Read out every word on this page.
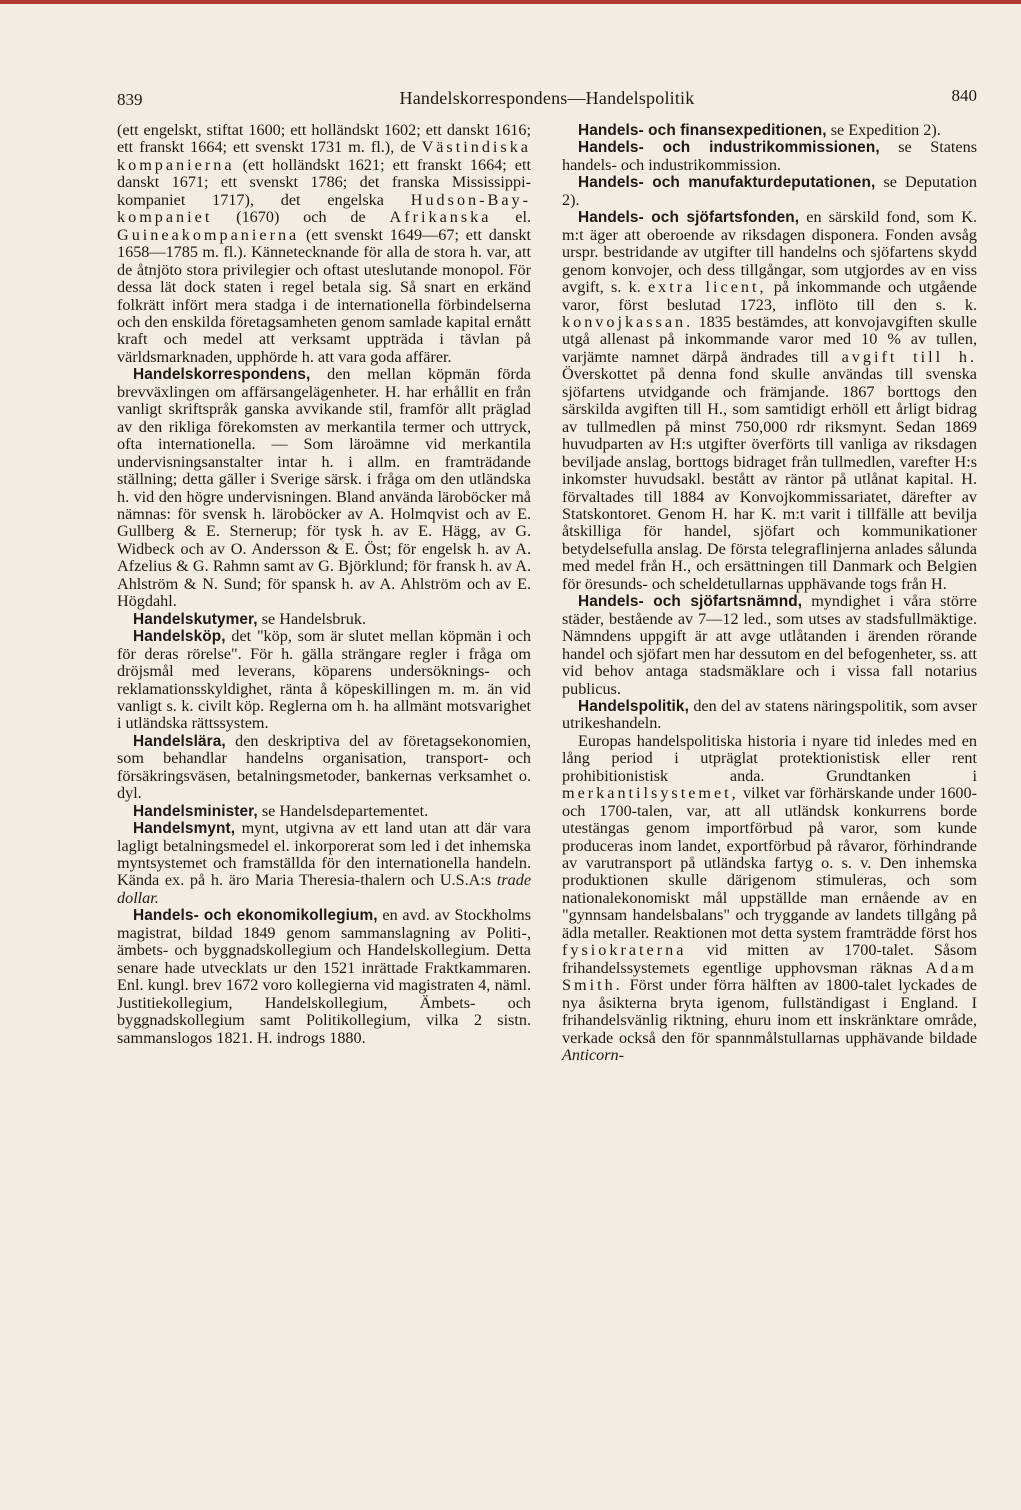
839	Handelskorrespondens—Handelspolitik	840

(ett engelskt, stiftat 1600; ett holländskt 1602; ett danskt 1616; ett franskt 1664; ett svenskt 1731 m. fl.), de Västindiska kompanierna (ett holländskt 1621; ett franskt 1664; ett danskt 1671; ett svenskt 1786; det franska Mississippi-kompaniet 1717), det engelska Hudson-Bay-kompaniet (1670) och de Afrikanska el. Guineakompanierna (ett svenskt 1649—67; ett danskt 1658—1785 m. fl.). Kännetecknande för alla de stora h. var, att de åtnjöto stora privilegier och oftast uteslutande monopol. För dessa lät dock staten i regel betala sig. Så snart en erkänd folkrätt infört mera stadga i de internationella förbindelserna och den enskilda företagsamheten genom samlade kapital ernått kraft och medel att verksamt uppträda i tävlan på världsmarknaden, upphörde h. att vara goda affärer.

Handelskorrespondens, den mellan köpmän förda brevväxlingen om affärsangelägenheter. H. har erhållit en från vanligt skriftspråk ganska avvikande stil, framför allt präglad av den rikliga förekomsten av merkantila termer och uttryck, ofta internationella. — Som läroämne vid merkantila undervisningsanstalter intar h. i allm. en framträdande ställning; detta gäller i Sverige särsk. i fråga om den utländska h. vid den högre undervisningen. Bland använda läroböcker må nämnas: för svensk h. läroböcker av A. Holmqvist och av E. Gullberg & E. Sternerup; för tysk h. av E. Hägg, av G. Widbeck och av O. Andersson & E. Öst; för engelsk h. av A. Afzelius & G. Rahmn samt av G. Björklund; för fransk h. av A. Ahlström & N. Sund; för spansk h. av A. Ahlström och av E. Högdahl.

Handelskutymer, se Handelsbruk.

Handelsköp, det "köp, som är slutet mellan köpmän i och för deras rörelse". För h. gälla strängare regler i fråga om dröjsmål med leverans, köparens undersöknings- och reklamationsskyldighet, ränta å köpeskillingen m. m. än vid vanligt s. k. civilt köp. Reglerna om h. ha allmänt motsvarighet i utländska rättssystem.

Handelslära, den deskriptiva del av företagsekonomien, som behandlar handelns organisation, transport- och försäkringsväsen, betalningsmetoder, bankernas verksamhet o. dyl.

Handelsminister, se Handelsdepartementet.

Handelsmynt, mynt, utgivna av ett land utan att där vara lagligt betalningsmedel el. inkorporerat som led i det inhemska myntsystemet och framställda för den internationella handeln. Kända ex. på h. äro Maria Theresia-thalern och U.S.A:s trade dollar.

Handels- och ekonomikollegium, en avd. av Stockholms magistrat, bildad 1849 genom sammanslagning av Politi-, ämbets- och byggnadskollegium och Handelskollegium. Detta senare hade utvecklats ur den 1521 inrättade Fraktkammaren. Enl. kungl. brev 1672 voro kollegierna vid magistraten 4, näml. Justitiekollegium, Handelskollegium, Ämbets- och byggnadskollegium samt Politikollegium, vilka 2 sistn. sammanslogos 1821. H. indrogs 1880.

Handels- och finansexpeditionen, se Expedition 2).

Handels- och industrikommissionen, se Statens handels- och industrikommission.

Handels- och manufakturdeputationen, se Deputation 2).

Handels- och sjöfartsfonden, en särskild fond, som K. m:t äger att oberoende av riksdagen disponera. Fonden avsåg urspr. bestridande av utgifter till handelns och sjöfartens skydd genom konvojer, och dess tillgångar, som utgjordes av en viss avgift, s. k. extra licent, på inkommande och utgående varor, först beslutad 1723, inflöto till den s. k. konvojkassan. 1835 bestämdes, att konvojavgiften skulle utgå allenast på inkommande varor med 10 % av tullen, varjämte namnet därpå ändrades till avgift till h. Överskottet på denna fond skulle användas till svenska sjöfartens utvidgande och främjande. 1867 borttogs den särskilda avgiften till H., som samtidigt erhöll ett årligt bidrag av tullmedlen på minst 750,000 rdr riksmynt. Sedan 1869 huvudparten av H:s utgifter överförts till vanliga av riksdagen beviljade anslag, borttogs bidraget från tullmedlen, varefter H:s inkomster huvudsakl. bestått av räntor på utlånat kapital. H. förvaltades till 1884 av Konvojkommissariatet, därefter av Statskontoret. Genom H. har K. m:t varit i tillfälle att bevilja åtskilliga för handel, sjöfart och kommunikationer betydelsefulla anslag. De första telegraflinjerna anlades sålunda med medel från H., och ersättningen till Danmark och Belgien för öresunds- och scheldetullarnas upphävande togs från H.

Handels- och sjöfartsnämnd, myndighet i våra större städer, bestående av 7—12 led., som utses av stadsfullmäktige. Nämndens uppgift är att avge utlåtanden i ärenden rörande handel och sjöfart men har dessutom en del befogenheter, ss. att vid behov antaga stadsmäklare och i vissa fall notarius publicus.

Handelspolitik, den del av statens näringspolitik, som avser utrikeshandeln.

Europas handelspolitiska historia i nyare tid inledes med en lång period i utpräglat protektionistisk eller rent prohibitionistisk anda. Grundtanken i merkantilsystemet, vilket var förhärskande under 1600- och 1700-talen, var, att all utländsk konkurrens borde utestängas genom importförbud på varor, som kunde produceras inom landet, exportförbud på råvaror, förhindrande av varutransport på utländska fartyg o. s. v. Den inhemska produktionen skulle därigenom stimuleras, och som nationalekonomiskt mål uppställde man ernående av en "gynnsam handelsbalans" och tryggande av landets tillgång på ädla metaller. Reaktionen mot detta system framträdde först hos fysiokraterna vid mitten av 1700-talet. Såsom frihandelssystemets egentlige upphovsman räknas Adam Smith. Först under förra hälften av 1800-talet lyckades de nya åsikterna bryta igenom, fullständigast i England. I frihandelsvänlig riktning, ehuru inom ett inskränktare område, verkade också den för spannmålstullarnas upphävande bildade Anticorn-
